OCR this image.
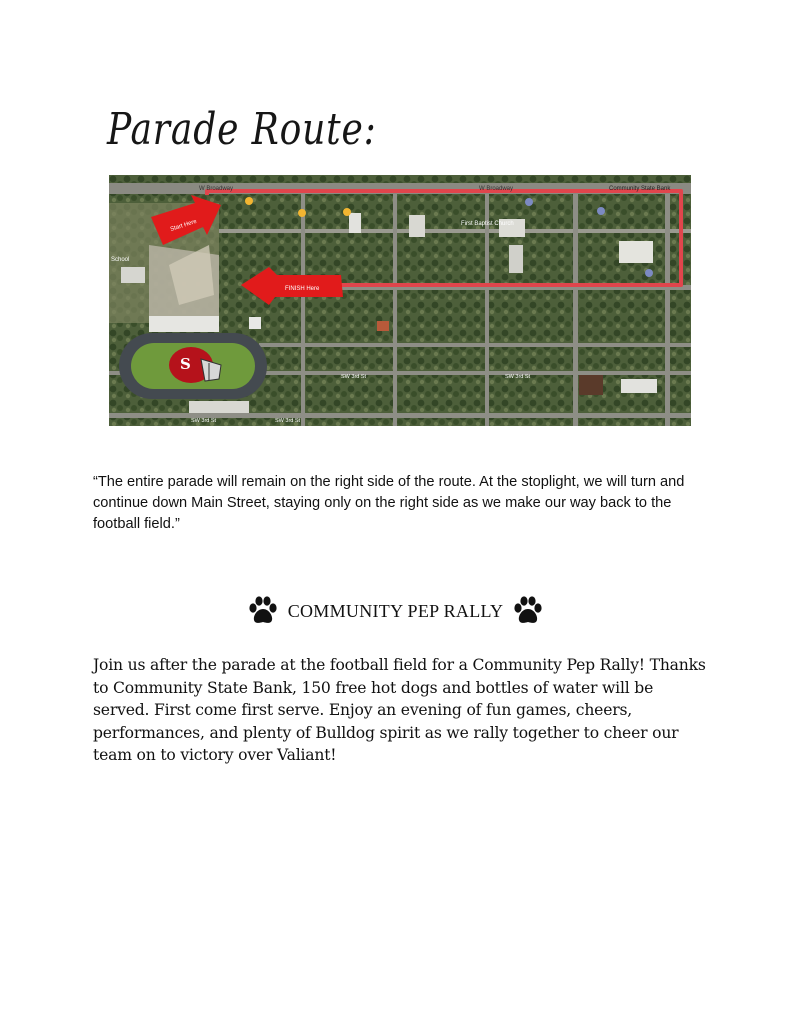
Parade Route:
W Broadway	W Broadway	Community State Bank
First Baptist Church
School
Start Here
FINISH Here
SW 3rd St	SW 3rd St
SW 3rd St	SW 3rd St
S
“The entire parade will remain on the right side of the route. At the stoplight, we will turn and continue down Main Street, staying only on the right side as we make our way back to the football field.”
COMMUNITY PEP RALLY
Join us after the parade at the football field for a Community Pep Rally! Thanks to Community State Bank, 150 free hot dogs and bottles of water will be served. First come first serve. Enjoy an evening of fun games, cheers, performances, and plenty of Bulldog spirit as we rally together to cheer our team on to victory over Valiant!
